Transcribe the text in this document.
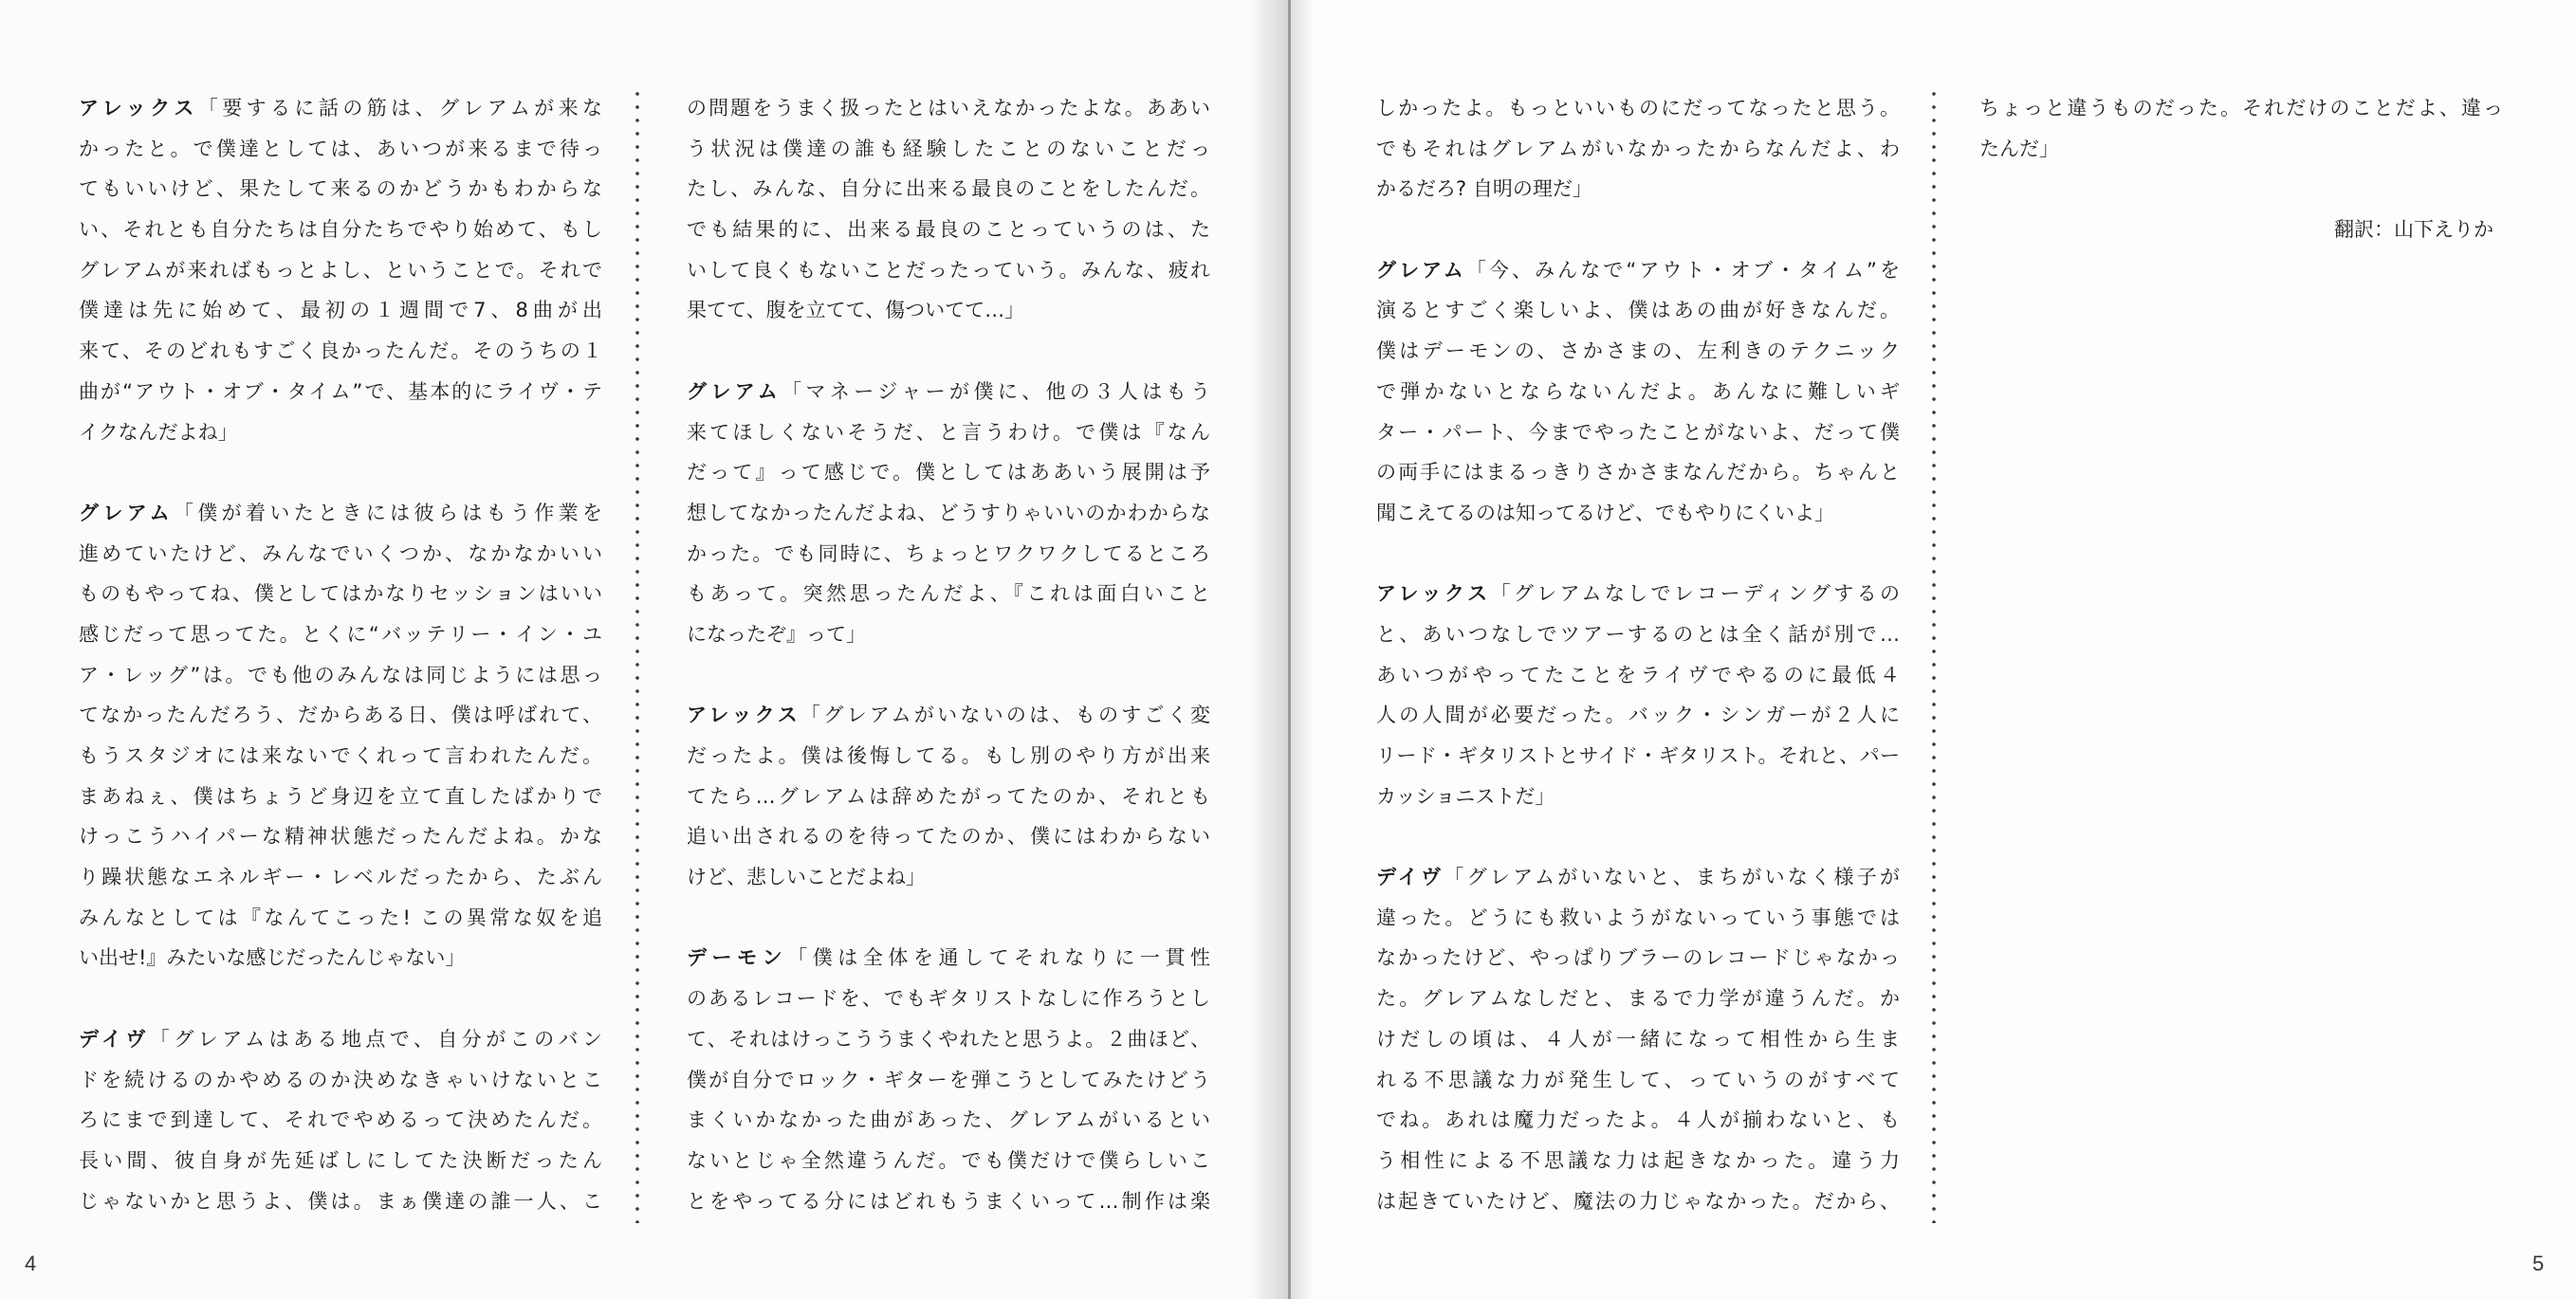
アレックス「要するに話の筋は、グレアムが来な
かったと。で僕達としては、あいつが来るまで待っ
てもいいけど、果たして来るのかどうかもわからな
い、それとも自分たちは自分たちでやり始めて、もし
グレアムが来ればもっとよし、ということで。それで
僕達は先に始めて、最初の１週間で7、8曲が出
来て、そのどれもすごく良かったんだ。そのうちの１
曲が“アウト・オブ・タイム”で、基本的にライヴ・テ
イクなんだよね」
グレアム「僕が着いたときには彼らはもう作業を
進めていたけど、みんなでいくつか、なかなかいい
ものもやってね、僕としてはかなりセッションはいい
感じだって思ってた。とくに“バッテリー・イン・ユ
ア・レッグ”は。でも他のみんなは同じようには思っ
てなかったんだろう、だからある日、僕は呼ばれて、
もうスタジオには来ないでくれって言われたんだ。
まあねぇ、僕はちょうど身辺を立て直したばかりで
けっこうハイパーな精神状態だったんだよね。かな
り躁状態なエネルギー・レベルだったから、たぶん
みんなとしては『なんてこった! この異常な奴を追
い出せ!』みたいな感じだったんじゃない」
デイヴ「グレアムはある地点で、自分がこのバン
ドを続けるのかやめるのか決めなきゃいけないとこ
ろにまで到達して、それでやめるって決めたんだ。
長い間、彼自身が先延ばしにしてた決断だったん
じゃないかと思うよ、僕は。まぁ僕達の誰一人、こ
の問題をうまく扱ったとはいえなかったよな。ああい
う状況は僕達の誰も経験したことのないことだっ
たし、みんな、自分に出来る最良のことをしたんだ。
でも結果的に、出来る最良のことっていうのは、た
いして良くもないことだったっていう。みんな、疲れ
果てて、腹を立てて、傷ついてて…」
グレアム「マネージャーが僕に、他の３人はもう
来てほしくないそうだ、と言うわけ。で僕は『なん
だって』って感じで。僕としてはああいう展開は予
想してなかったんだよね、どうすりゃいいのかわからな
かった。でも同時に、ちょっとワクワクしてるところ
もあって。突然思ったんだよ、『これは面白いこと
になったぞ』って」
アレックス「グレアムがいないのは、ものすごく変
だったよ。僕は後悔してる。もし別のやり方が出来
てたら…グレアムは辞めたがってたのか、それとも
追い出されるのを待ってたのか、僕にはわからない
けど、悲しいことだよね」
デーモン「僕は全体を通してそれなりに一貫性
のあるレコードを、でもギタリストなしに作ろうとし
て、それはけっこううまくやれたと思うよ。２曲ほど、
僕が自分でロック・ギターを弾こうとしてみたけどう
まくいかなかった曲があった、グレアムがいるとい
ないとじゃ全然違うんだ。でも僕だけで僕らしいこ
とをやってる分にはどれもうまくいって…制作は楽
しかったよ。もっといいものにだってなったと思う。
でもそれはグレアムがいなかったからなんだよ、わ
かるだろ? 自明の理だ」
グレアム「今、みんなで“アウト・オブ・タイム”を
演るとすごく楽しいよ、僕はあの曲が好きなんだ。
僕はデーモンの、さかさまの、左利きのテクニック
で弾かないとならないんだよ。あんなに難しいギ
ター・パート、今までやったことがないよ、だって僕
の両手にはまるっきりさかさまなんだから。ちゃんと
聞こえてるのは知ってるけど、でもやりにくいよ」
アレックス「グレアムなしでレコーディングするの
と、あいつなしでツアーするのとは全く話が別で…
あいつがやってたことをライヴでやるのに最低４
人の人間が必要だった。バック・シンガーが２人に
リード・ギタリストとサイド・ギタリスト。それと、パー
カッショニストだ」
デイヴ「グレアムがいないと、まちがいなく様子が
違った。どうにも救いようがないっていう事態では
なかったけど、やっぱりブラーのレコードじゃなかっ
た。グレアムなしだと、まるで力学が違うんだ。か
けだしの頃は、４人が一緒になって相性から生ま
れる不思議な力が発生して、っていうのがすべて
でね。あれは魔力だったよ。４人が揃わないと、も
う相性による不思議な力は起きなかった。違う力
は起きていたけど、魔法の力じゃなかった。だから、
ちょっと違うものだった。それだけのことだよ、違っ
たんだ」
翻訳：山下えりか
4	5
